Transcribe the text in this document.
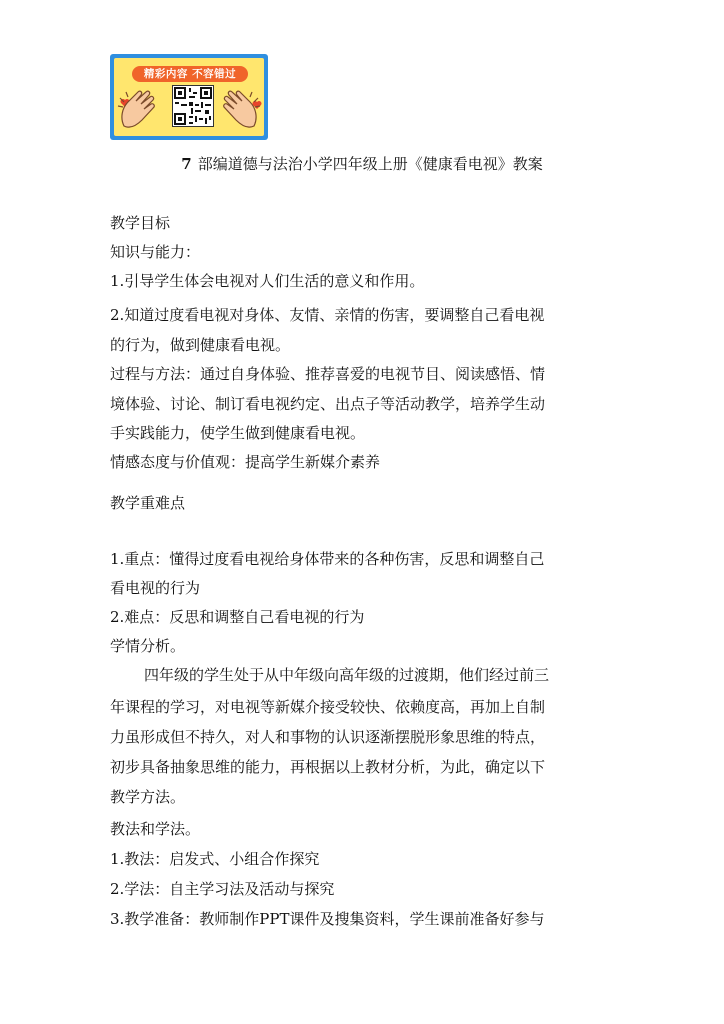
精彩内容 不容错过
7 部编道德与法治小学四年级上册《健康看电视》教案
教学目标
知识与能力：
1.引导学生体会电视对人们生活的意义和作用。
2.知道过度看电视对身体、友情、亲情的伤害，要调整自己看电视
的行为，做到健康看电视。
过程与方法：通过自身体验、推荐喜爱的电视节目、阅读感悟、情
境体验、讨论、制订看电视约定、出点子等活动教学，培养学生动
手实践能力，使学生做到健康看电视。
情感态度与价值观：提高学生新媒介素养
教学重难点
1.重点：懂得过度看电视给身体带来的各种伤害，反思和调整自己
看电视的行为
2.难点：反思和调整自己看电视的行为
学情分析。
四年级的学生处于从中年级向高年级的过渡期，他们经过前三
年课程的学习，对电视等新媒介接受较快、依赖度高，再加上自制
力虽形成但不持久，对人和事物的认识逐渐摆脱形象思维的特点，
初步具备抽象思维的能力，再根据以上教材分析，为此，确定以下
教学方法。
教法和学法。
1.教法：启发式、小组合作探究
2.学法：自主学习法及活动与探究
3.教学准备：教师制作PPT课件及搜集资料，学生课前准备好参与
